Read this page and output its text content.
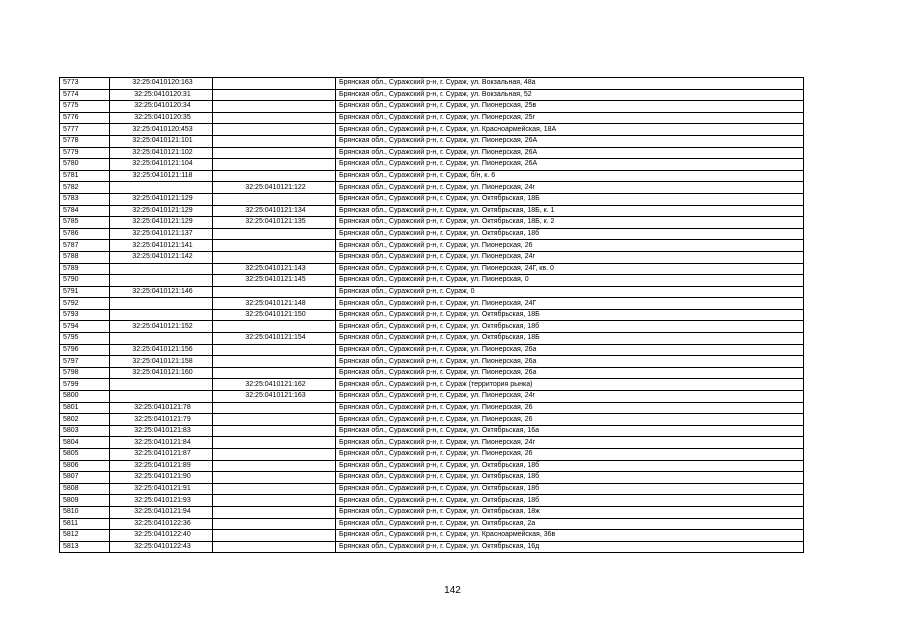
5773	32:25:0410120:163		Брянская обл., Суражский р-н, г. Сураж, ул. Вокзальная, 48а
5774	32:25:0410120:31		Брянская обл., Суражский р-н, г. Сураж, ул. Вокзальная, 52
5775	32:25:0410120:34		Брянская обл., Суражский р-н, г. Сураж, ул. Пионерская, 25в
5776	32:25:0410120:35		Брянская обл., Суражский р-н, г. Сураж, ул. Пионерская, 25г
5777	32:25:0410120:453		Брянская обл., Суражский р-н, г. Сураж, ул. Красноармейская, 18А
5778	32:25:0410121:101		Брянская обл., Суражский р-н, г. Сураж, ул. Пионерская, 26А
5779	32:25:0410121:102		Брянская обл., Суражский р-н, г. Сураж, ул. Пионерская, 26А
5780	32:25:0410121:104		Брянская обл., Суражский р-н, г. Сураж, ул. Пионерская, 26А
5781	32:25:0410121:118		Брянская обл., Суражский р-н, г. Сураж, б/н, к. 6
5782		32:25:0410121:122	Брянская обл., Суражский р-н, г. Сураж, ул. Пионерская, 24г
5783	32:25:0410121:129		Брянская обл., Суражский р-н, г. Сураж, ул. Октябрьская, 18Б
5784	32:25:0410121:129	32:25:0410121:134	Брянская обл., Суражский р-н, г. Сураж, ул. Октябрьская, 18Б, к. 1
5785	32:25:0410121:129	32:25:0410121:135	Брянская обл., Суражский р-н, г. Сураж, ул. Октябрьская, 18Б, к. 2
5786	32:25:0410121:137		Брянская обл., Суражский р-н, г. Сураж, ул. Октябрьская, 18б
5787	32:25:0410121:141		Брянская обл., Суражский р-н, г. Сураж, ул. Пионерская, 26
5788	32:25:0410121:142		Брянская обл., Суражский р-н, г. Сураж, ул. Пионерская, 24г
5789		32:25:0410121:143	Брянская обл., Суражский р-н, г. Сураж, ул. Пионерская, 24Г, кв. 0
5790		32:25:0410121:145	Брянская обл., Суражский р-н, г. Сураж, ул. Пионерская, 0
5791	32:25:0410121:146		Брянская обл., Суражский р-н, г. Сураж, 0
5792		32:25:0410121:148	Брянская обл., Суражский р-н, г. Сураж, ул. Пионерская, 24Г
5793		32:25:0410121:150	Брянская обл., Суражский р-н, г. Сураж, ул. Октябрьская, 18Б
5794	32:25:0410121:152		Брянская обл., Суражский р-н, г. Сураж, ул. Октябрьская, 18б
5795		32:25:0410121:154	Брянская обл., Суражский р-н, г. Сураж, ул. Октябрьская, 18Б
5796	32:25:0410121:156		Брянская обл., Суражский р-н, г. Сураж, ул. Пионерская, 26а
5797	32:25:0410121:158		Брянская обл., Суражский р-н, г. Сураж, ул. Пионерская, 26а
5798	32:25:0410121:160		Брянская обл., Суражский р-н, г. Сураж, ул. Пионерская, 26а
5799		32:25:0410121:162	Брянская обл., Суражский р-н, г. Сураж (территория рынка)
5800		32:25:0410121:163	Брянская обл., Суражский р-н, г. Сураж, ул. Пионерская, 24г
5801	32:25:0410121:78		Брянская обл., Суражский р-н, г. Сураж, ул. Пионерская, 26
5802	32:25:0410121:79		Брянская обл., Суражский р-н, г. Сураж, ул. Пионерская, 26
5803	32:25:0410121:83		Брянская обл., Суражский р-н, г. Сураж, ул. Октябрьская, 16а
5804	32:25:0410121:84		Брянская обл., Суражский р-н, г. Сураж, ул. Пионерская, 24г
5805	32:25:0410121:87		Брянская обл., Суражский р-н, г. Сураж, ул. Пионерская, 26
5806	32:25:0410121:89		Брянская обл., Суражский р-н, г. Сураж, ул. Октябрьская, 18б
5807	32:25:0410121:90		Брянская обл., Суражский р-н, г. Сураж, ул. Октябрьская, 18б
5808	32:25:0410121:91		Брянская обл., Суражский р-н, г. Сураж, ул. Октябрьская, 18б
5809	32:25:0410121:93		Брянская обл., Суражский р-н, г. Сураж, ул. Октябрьская, 18б
5810	32:25:0410121:94		Брянская обл., Суражский р-н, г. Сураж, ул. Октябрьская, 18ж
5811	32:25:0410122:36		Брянская обл., Суражский р-н, г. Сураж, ул. Октябрьская, 2а
5812	32:25:0410122:40		Брянская обл., Суражский р-н, г. Сураж, ул. Красноармейская, 36в
5813	32:25:0410122:43		Брянская обл., Суражский р-н, г. Сураж, ул. Октябрьская, 16д
142
